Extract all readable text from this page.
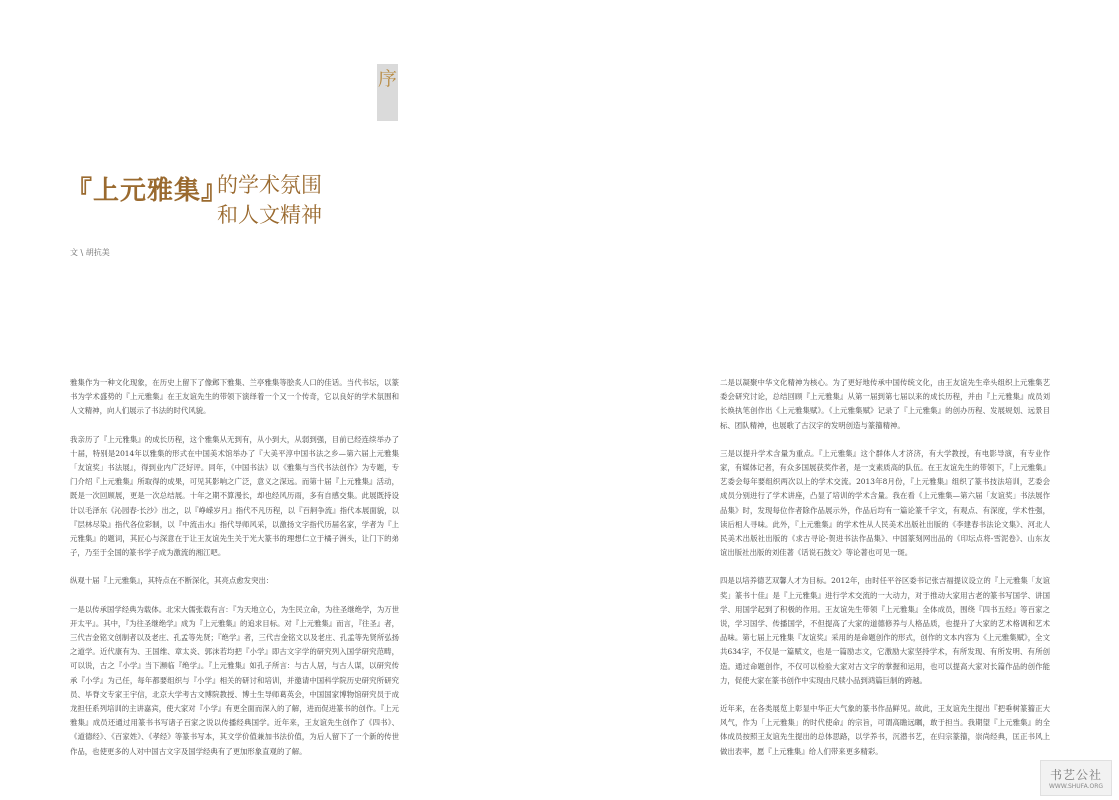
序
『上元雅集』
的学术氛围
和人文精神
文 \ 胡抗美

雅集作为一种文化现象，在历史上留下了像邺下雅集、兰亭雅集等脍炙人口的佳话。当代书坛，以篆书为学术盛势的『上元雅集』在王友谊先生的带领下演绎着一个又一个传奇，它以良好的学术氛围和人文精神，向人们展示了书法的时代风貌。

我亲历了『上元雅集』的成长历程，这个雅集从无到有，从小到大，从弱到强，目前已经连续举办了十届，特别是2014年以雅集的形式在中国美术馆举办了『大美平淳中国书法之乡—第六届上元雅集「友谊奖」书法展』，得到业内广泛好评。同年，《中国书法》以《雅集与当代书法创作》为专题，专门介绍『上元雅集』所取得的成果，可见其影响之广泛，意义之深远。而第十届『上元雅集』活动，既是一次回顾展，更是一次总结展。十年之期不算漫长，却也经风历雨，多有自感交集。此展既持设计以毛泽东《沁园春·长沙》出之，以『峥嵘岁月』指代不凡历程，以『百舸争流』指代本展面貌，以『层林尽染』指代各位彩制，以『中流击水』指代导师风采，以激扬文字指代历届名家，学者为『上元雅集』的题词，其匠心与深意在于让王友谊先生关于光大篆书的理想仁立于橘子洲头，让门下的弟子，乃至于全国的篆书学子成为激流的湘江吧。

纵观十届『上元雅集』，其特点在不断深化，其亮点愈发突出：

一是以传承国学经典为载体。北宋大儒张载有言：『为天地立心，为生民立命，为往圣继绝学，为万世开太平』。其中，『为往圣继绝学』成为『上元雅集』的追求目标。对『上元雅集』而言，『往圣』者，三代吉金铭文创制者以及老庄、孔孟等先贤；『绝学』者，三代吉金铭文以及老庄、孔孟等先贤所弘扬之道学。近代康有为、王国维、章太炎、郭沫若均把『小学』即古文字学的研究列入国学研究范畴，可以说，古之『小学』当下濒临『绝学』。『上元雅集』如孔子所言：与古人居，与古人谋，以研究传承『小学』为己任，每年都要组织与『小学』相关的研讨和培训，并邀请中国科学院历史研究所研究员、毕脊文专家王宇信，北京大学考古文博院教授、博士生导师葛英会，中国国家博物馆研究员于成龙担任系列培训的主讲嘉宾，使大家对『小学』有更全面而深入的了解，进而促进篆书的创作。『上元雅集』成员还通过用篆书书写诸子百家之说以传播经典国学。近年来，王友谊先生创作了《四书》、《道德经》、《百家姓》、《孝经》等篆书写本，其文学价值兼加书法价值，为后人留下了一个新的传世作品，也使更多的人对中国古文字及国学经典有了更加形象直观的了解。

二是以凝聚中华文化精神为核心。为了更好地传承中国传统文化，由王友谊先生牵头组织上元雅集艺委会研究讨论，总结回顾『上元雅集』从第一届到第七届以来的成长历程，并由『上元雅集』成员刘长焕执笔创作出《上元雅集赋》。《上元雅集赋》记录了『上元雅集』的创办历程、发展规划、远景目标、团队精神，也展歌了古汉字的发明创造与篆籀精神。

三是以提升学术含量为重点。『上元雅集』这个群体人才济济，有大学教授，有电影导演，有专业作家，有媒体记者，有众多国展获奖作者，是一支素质高的队伍。在王友谊先生的带领下，『上元雅集』艺委会每年要组织两次以上的学术交流。2013年8月份，『上元雅集』组织了篆书技法培训，艺委会成员分别进行了学术讲座，凸显了培训的学术含量。我在看《上元雅集—第六届「友谊奖」书法展作品集》时，发现每位作者除作品展示外，作品后均有一篇论篆千字文，有观点、有深度，学术性强，读后相人寻味。此外，『上元雅集』的学术性从人民美术出版社出版的《李建春书法论文集》、河北人民美术出版社出版的《求古寻论-贺进书法作品集》、中国篆刻网出品的《印坛点将-雪泥卷》、山东友谊出版社出版的刘佳著《话说石鼓文》等论著也可见一斑。

四是以培养德艺双馨人才为目标。2012年，由时任平谷区委书记张吉福提议设立的『上元雅集「友谊奖」篆书十佳』是『上元雅集』进行学术交流的一大动力，对于推动大家用古老的篆书写国学、讲国学、用国学起到了积极的作用。王友谊先生带领『上元雅集』全体成员，围绕『四书五经』等百家之说，学习国学、传播国学，不但提高了大家的道德修养与人格品质，也提升了大家的艺术格调和艺术品味。第七届上元雅集『友谊奖』采用的是命题创作的形式，创作的文本内容为《上元雅集赋》，全文共634字，不仅是一篇赋文，也是一篇励志文，它激励大家坚持学术，有所发现、有所发明、有所创造。通过命题创作，不仅可以检验大家对古文字的掌握和运用，也可以提高大家对长篇作品的创作能力，促使大家在篆书创作中实现由尺牍小品到鸿篇巨制的跨越。

近年来，在各类展览上彰显中华正大气象的篆书作品鲜见。故此，王友谊先生提出『把垂树篆籀正大风气，作为「上元雅集」的时代使命』的宗旨，可谓高瞻远瞩，敢于担当。我期望『上元雅集』的全体成员按照王友谊先生提出的总体思路，以学养书，沉潜书艺，在归宗篆籀，崇尚经典，匡正书风上做出表率，愿『上元雅集』给人们带来更多精彩。

书艺公社
WWW.SHUFA.ORG
